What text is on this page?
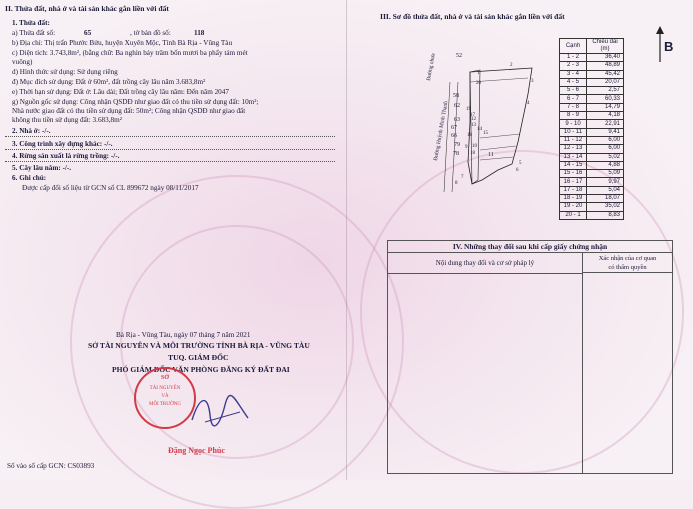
II. Thửa đất, nhà ở và tài sản khác gắn liền với đất
1. Thửa đất:
a) Thửa đất số:	65	, tờ bản đồ số:	118
b) Địa chỉ: Thị trấn Phước Bửu, huyện Xuyên Mộc, Tỉnh Bà Rịa - Vũng Tàu
c) Diện tích: 3.743,8m², (bằng chữ: Ba nghìn bảy trăm bốn mươi ba phẩy tám mét
vuông)
d) Hình thức sử dụng: Sử dụng riêng
đ) Mục đích sử dụng: Đất ở 60m², đất trồng cây lâu năm 3.683,8m²
e) Thời hạn sử dụng: Đất ở: Lâu dài; Đất trồng cây lâu năm: Đến năm 2047
g) Nguồn gốc sử dụng: Công nhận QSDĐ như giao đất có thu tiền sử dụng đất: 10m²;
Nhà nước giao đất có thu tiền sử dụng đất: 50m²; Công nhận QSDĐ như giao đất
không thu tiền sử dụng đất: 3.683,8m²
2. Nhà ở: -/-.
3. Công trình xây dựng khác: -/-.
4. Rừng sản xuất là rừng trồng: -/-.
5. Cây lâu năm: -/-.
6. Ghi chú:
Được cấp đổi số liệu từ GCN số CL 899672 ngày 08/11/2017
Bà Rịa - Vũng Tàu, ngày 07 tháng 7 năm 2021
SỞ TÀI NGUYÊN VÀ MÔI TRƯỜNG TỈNH BÀ RỊA - VŨNG TÀU
TUQ. GIÁM ĐỐC
PHÓ GIÁM ĐỐC VĂN PHÒNG ĐĂNG KÝ ĐẤT ĐAI
SỞ
TÀI NGUYÊN
VÀ
MÔI TRƯỜNG
Đặng Ngọc Phúc
Số vào sổ cấp GCN: CS03893
III. Sơ đồ thửa đất, nhà ở và tài sản khác gắn liền với đất
B
52
58
62
63
67
66
79
78	11
Đường nhựa
Đường Huỳnh Minh Thạnh
1
2
3
4
5
6
7
8
9 10
12
13
14
15
16
17
18
19
20
Cạnh	Chiều dài (m)
1 - 2	36,40
2 - 3	48,89
3 - 4	45,42
4 - 5	20,07
5 - 6	2,57
6 - 7	60,33
7 - 8	14,79
8 - 9	4,18
9 - 10	22,91
10 - 11	9,41
11 - 12	6,00
12 - 13	6,00
13 - 14	5,02
14 - 15	4,88
15 - 16	5,09
16 - 17	9,97
17 - 18	5,04
18 - 19	18,07
19 - 20	35,02
20 - 1	8,83
IV. Những thay đổi sau khi cấp giấy chứng nhận
Nội dung thay đổi và cơ sở pháp lý
Xác nhận của cơ quan
có thẩm quyền
